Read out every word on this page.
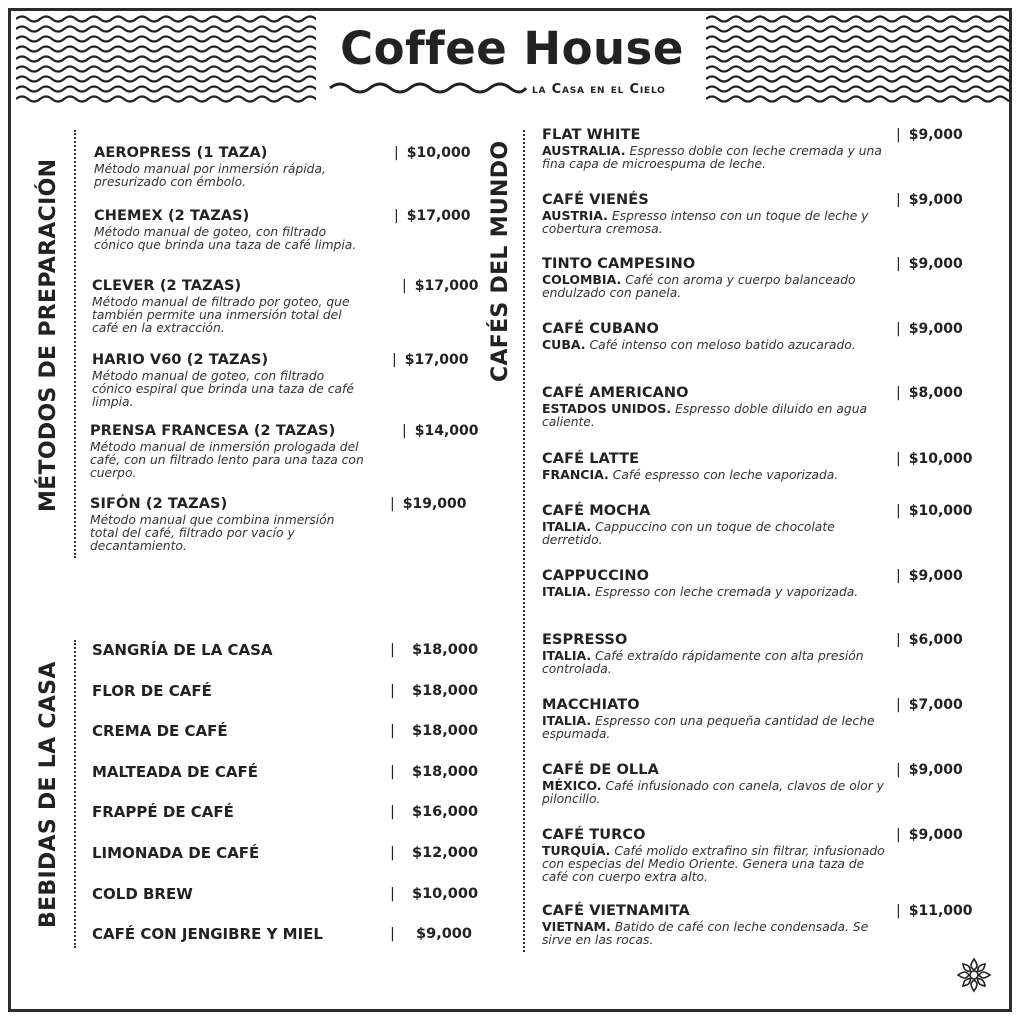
Coffee House
la Casa en el Cielo
MÉTODOS DE PREPARACIÓN
BEBIDAS DE LA CASA
CAFÉS DEL MUNDO
AEROPRESS (1 TAZA)	| $10,000
Método manual por inmersión rápida, presurizado con émbolo.
CHEMEX (2 TAZAS)	| $17,000
Método manual de goteo, con filtrado cónico que brinda una taza de café limpia.
CLEVER (2 TAZAS)	| $17,000
Método manual de filtrado por goteo, que también permite una inmersión total del café en la extracción.
HARIO V60 (2 TAZAS)	| $17,000
Método manual de goteo, con filtrado cónico espiral que brinda una taza de café limpia.
PRENSA FRANCESA (2 TAZAS)	| $14,000
Método manual de inmersión prologada del café, con un filtrado lento para una taza con cuerpo.
SIFÓN (2 TAZAS)	| $19,000
Método manual que combina inmersión total del café, filtrado por vacío y decantamiento.
SANGRÍA DE LA CASA	| $18,000
FLOR DE CAFÉ	| $18,000
CREMA DE CAFÉ	| $18,000
MALTEADA DE CAFÉ	| $18,000
FRAPPÉ DE CAFÉ	| $16,000
LIMONADA DE CAFÉ	| $12,000
COLD BREW	| $10,000
CAFÉ CON JENGIBRE Y MIEL	| $9,000
FLAT WHITE	| $9,000
AUSTRALIA. Espresso doble con leche cremada y una fina capa de microespuma de leche.
CAFÉ VIENÉS	| $9,000
AUSTRIA. Espresso intenso con un toque de leche y cobertura cremosa.
TINTO CAMPESINO	| $9,000
COLOMBIA. Café con aroma y cuerpo balanceado endulzado con panela.
CAFÉ CUBANO	| $9,000
CUBA. Café intenso con meloso batido azucarado.
CAFÉ AMERICANO	| $8,000
ESTADOS UNIDOS. Espresso doble diluido en agua caliente.
CAFÉ LATTE	| $10,000
FRANCIA. Café espresso con leche vaporizada.
CAFÉ MOCHA	| $10,000
ITALIA. Cappuccino con un toque de chocolate derretido.
CAPPUCCINO	| $9,000
ITALIA. Espresso con leche cremada y vaporizada.
ESPRESSO	| $6,000
ITALIA. Café extraído rápidamente con alta presión controlada.
MACCHIATO	| $7,000
ITALIA. Espresso con una pequeña cantidad de leche espumada.
CAFÉ DE OLLA	| $9,000
MÉXICO. Café infusionado con canela, clavos de olor y piloncillo.
CAFÉ TURCO	| $9,000
TURQUÍA. Café molido extrafino sin filtrar, infusionado con especias del Medio Oriente. Genera una taza de café con cuerpo extra alto.
CAFÉ VIETNAMITA	| $11,000
VIETNAM. Batido de café con leche condensada. Se sirve en las rocas.
